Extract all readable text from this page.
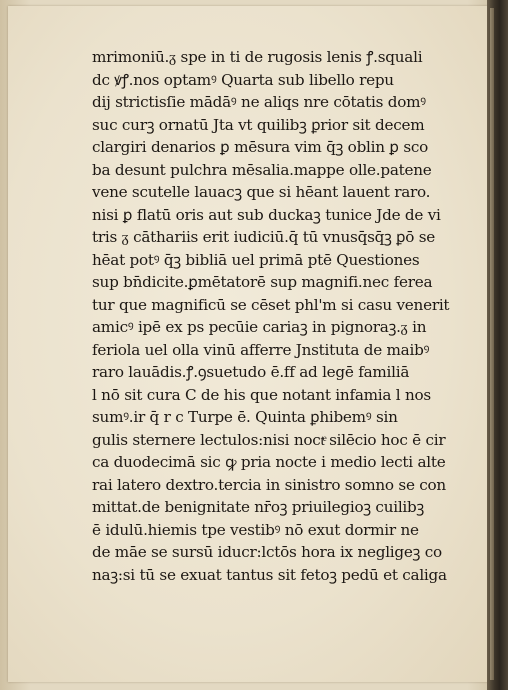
mrimoniū.ᵹ spe in ti de rugosis lenis ꝭ.squali
dc ꝟꝭ.nos optamꝰ Quarta sub libello repu
dij strictisſie mādāꝰ ne aliqs nre cōtatis domꝰ
suc curꝫ ornatū Jta vt quilibꝫ ꝑrior sit decem
clargiri denarios ꝑ mēsura vim q̄ꝫ oblin ꝑ sco
ba desunt pulchra mēsalia.mappe olle.patene
vene scutelle lauacꝫ que si hēant lauent raro.
nisi ꝑ flatū oris aut sub duckaꝫ tunice Jde de vi
tris ᵹ cāthariis erit iudiciū.q̄ tū vnusq̄sq̄ꝫ ꝑō se
hēat potꝰ q̄ꝫ bibliā uel primā ptē Questiones
sup bn̄dicite.ꝑmētatorē sup magnifi.nec ferea
tur que magnificū se cēset phl'm si casu venerit
amicꝰ ipē ex ps pecūie cariaꝫ in pignoraꝫ.ᵹ in
feriola uel olla vinū afferre Jnstituta de maibꝰ
raro lauādis.ꝭ.ꝯsuetudo ē.ff ad legē familiā
l nō sit cura C de his que notant infamia l nos
sumꝰ.ir q̄ r c Turpe ē. Quinta ꝑhibemꝰ sin
gulis sternere lectulos:nisi noctͤ silēcio hoc ē cir
ca duodecimā sic ꝙ pria nocte i medio lecti alte
rai latero dextro.tercia in sinistro somno se con
mittat.de benignitate nr̄oꝫ priuilegioꝫ cuilibꝫ
ē idulū.hiemis tpe vestibꝰ nō exut dormir ne
de māe se sursū iducr:lctōs hora ix negligeꝫ co
naꝫ:si tū se exuat tantus sit fetoꝫ pedū et caliga
